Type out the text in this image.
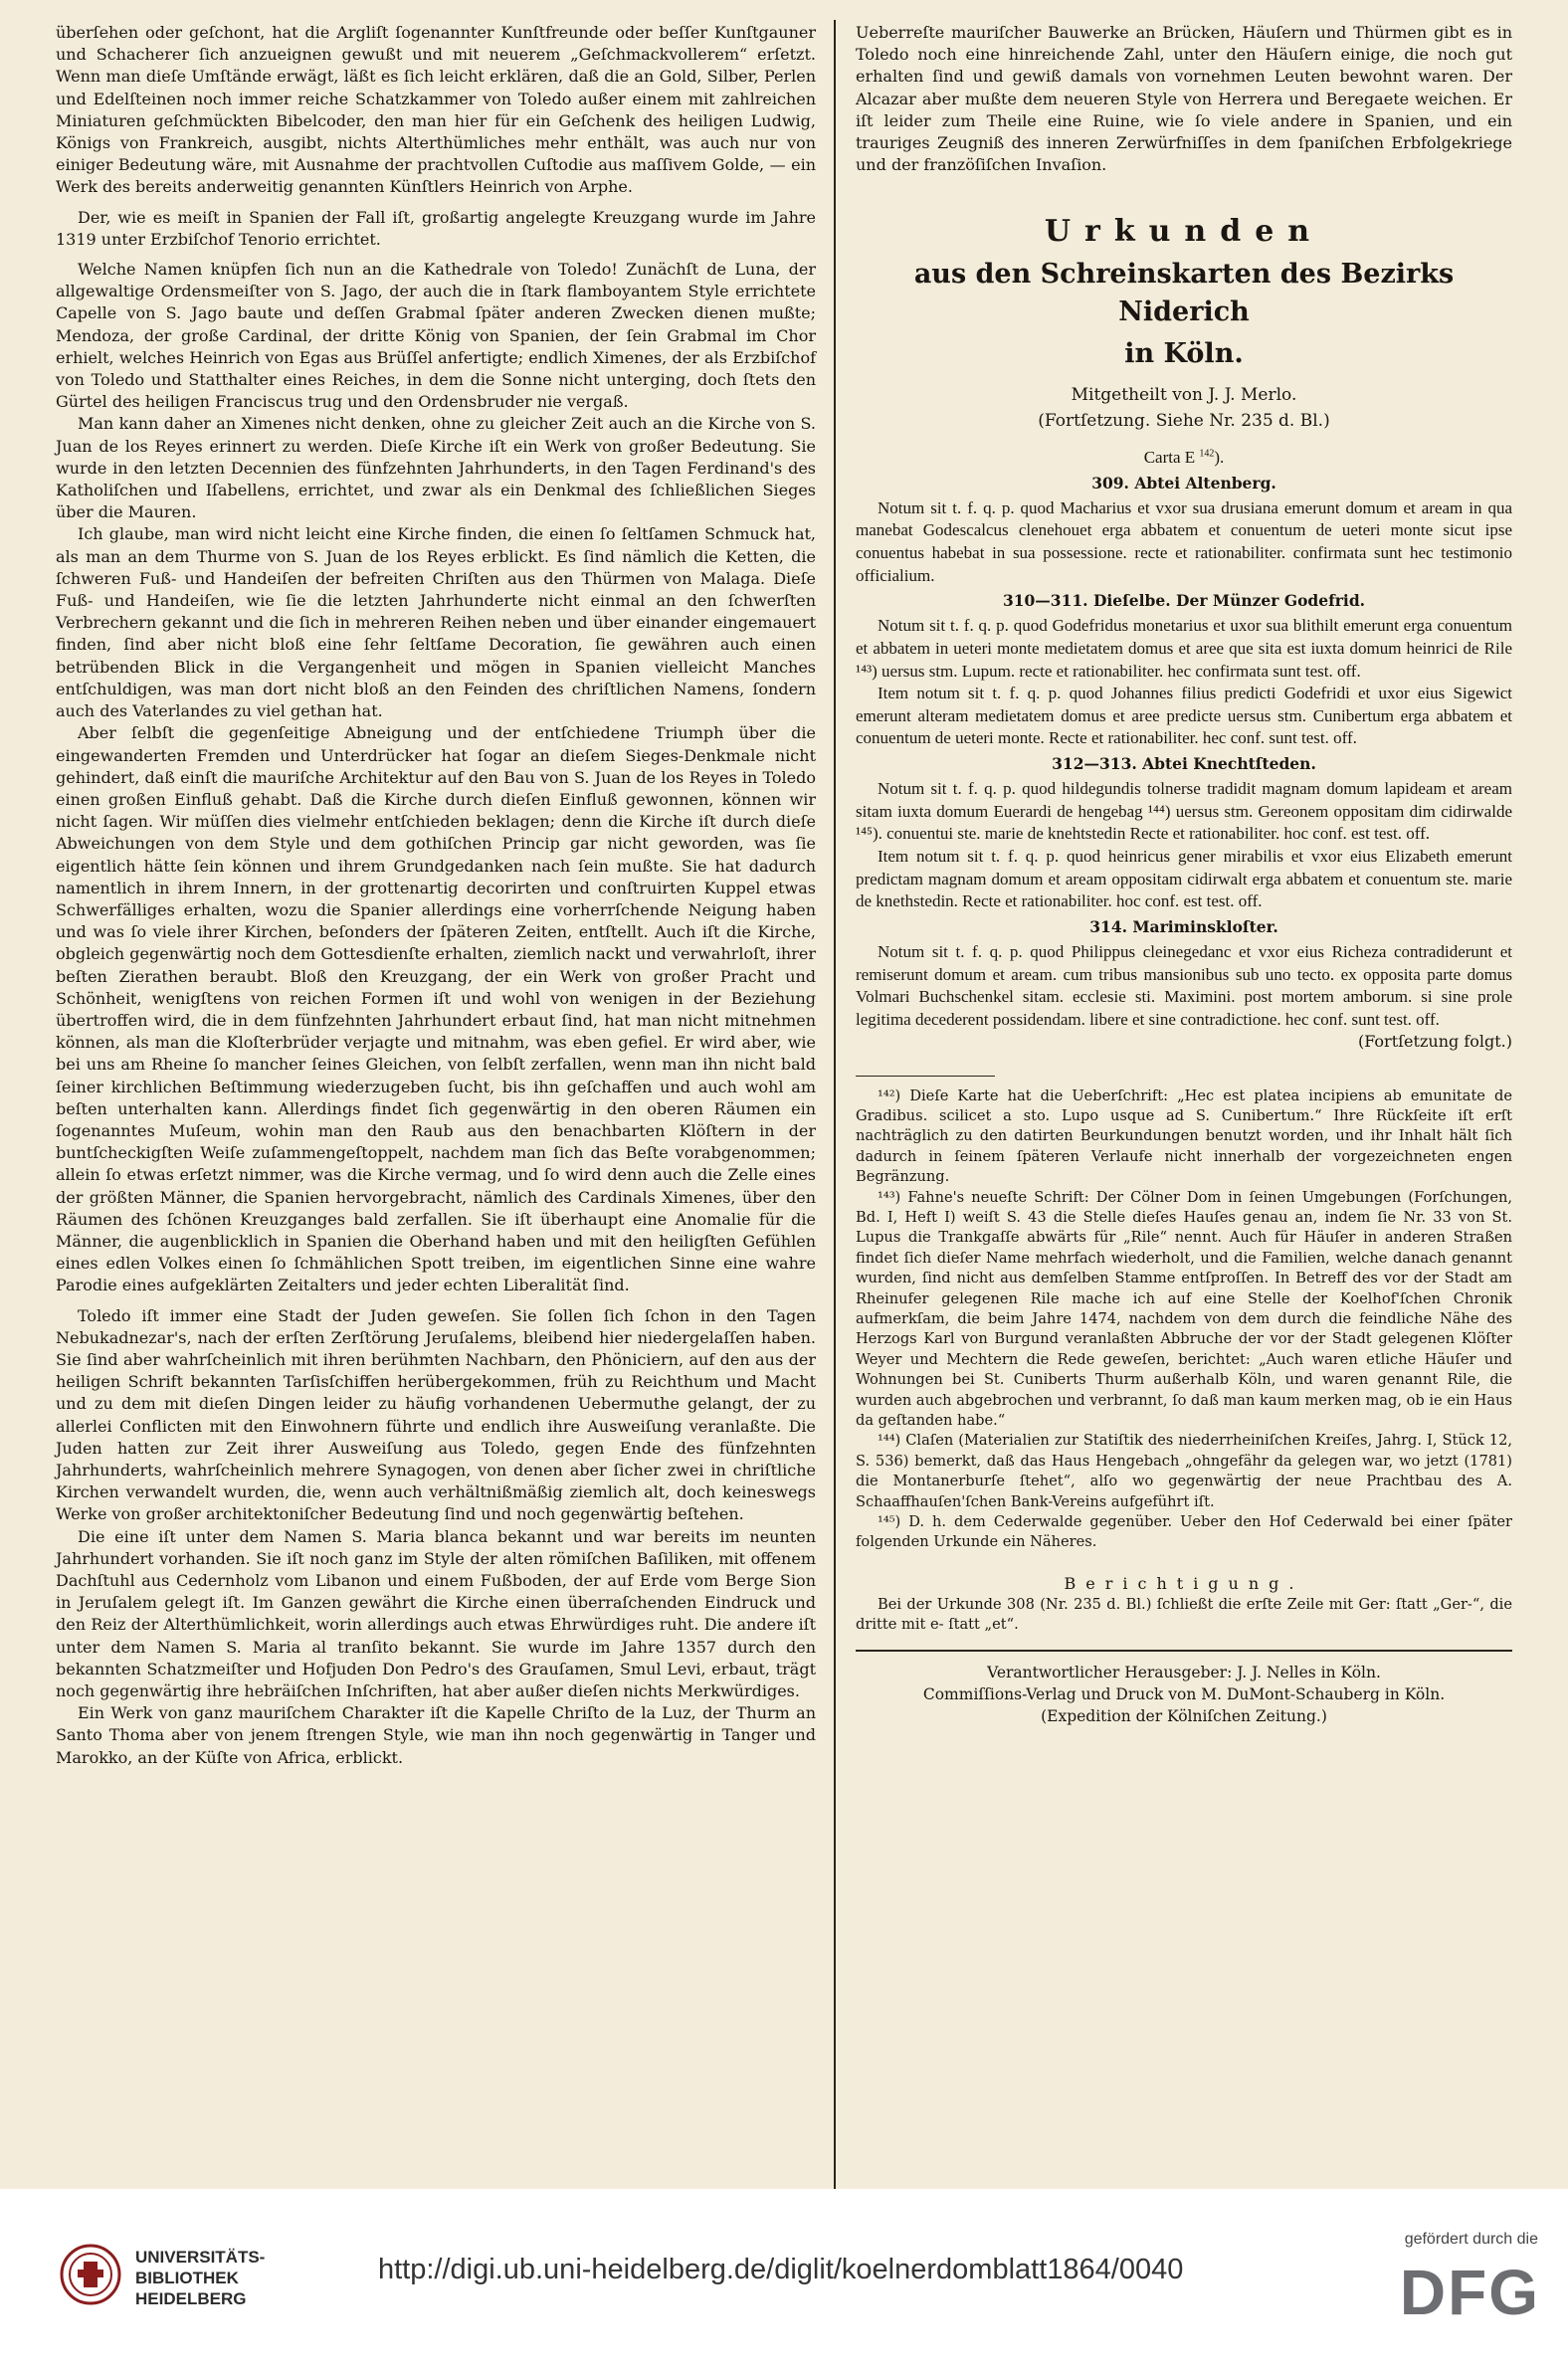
überſehen oder geſchont, hat die Argliſt ſogenannter Kunſtfreunde oder beſſer Kunſtgauner und Schacherer ſich anzueignen gewußt und mit neuerem „Geſchmackvollerem“ erſetzt. Wenn man dieſe Umſtände erwägt, läßt es ſich leicht erklären, daß die an Gold, Silber, Perlen und Edelſteinen noch immer reiche Schatzkammer von Toledo außer einem mit zahlreichen Miniaturen geſchmückten Bibelcoder, den man hier für ein Geſchenk des heiligen Ludwig, Königs von Frankreich, ausgibt, nichts Alterthümliches mehr enthält, was auch nur von einiger Bedeutung wäre, mit Ausnahme der prachtvollen Cuſtodie aus maſſivem Golde, — ein Werk des bereits anderweitig genannten Künſtlers Heinrich von Arphe.

Der, wie es meiſt in Spanien der Fall iſt, großartig angelegte Kreuzgang wurde im Jahre 1319 unter Erzbiſchof Tenorio errichtet.

Welche Namen knüpfen ſich nun an die Kathedrale von Toledo! Zunächſt de Luna, der allgewaltige Ordensmeiſter von S. Jago, der auch die in ſtark flamboyantem Style errichtete Capelle von S. Jago baute und deſſen Grabmal ſpäter anderen Zwecken dienen mußte; Mendoza, der große Cardinal, der dritte König von Spanien, der ſein Grabmal im Chor erhielt, welches Heinrich von Egas aus Brüſſel anfertigte; endlich Ximenes, der als Erzbiſchof von Toledo und Statthalter eines Reiches, in dem die Sonne nicht unterging, doch ſtets den Gürtel des heiligen Franciscus trug und den Ordensbruder nie vergaß.

Man kann daher an Ximenes nicht denken, ohne zu gleicher Zeit auch an die Kirche von S. Juan de los Reyes erinnert zu werden. Dieſe Kirche iſt ein Werk von großer Bedeutung. Sie wurde in den letzten Decennien des fünfzehnten Jahrhunderts, in den Tagen Ferdinand's des Katholiſchen und Iſabellens, errichtet, und zwar als ein Denkmal des ſchließlichen Sieges über die Mauren.

Ich glaube, man wird nicht leicht eine Kirche finden, die einen ſo ſeltſamen Schmuck hat, als man an dem Thurme von S. Juan de los Reyes erblickt. Es ſind nämlich die Ketten, die ſchweren Fuß- und Handeiſen der befreiten Chriſten aus den Thürmen von Malaga. Dieſe Fuß- und Handeiſen, wie ſie die letzten Jahrhunderte nicht einmal an den ſchwerſten Verbrechern gekannt und die ſich in mehreren Reihen neben und über einander eingemauert finden, ſind aber nicht bloß eine ſehr ſeltſame Decoration, ſie gewähren auch einen betrübenden Blick in die Vergangenheit und mögen in Spanien vielleicht Manches entſchuldigen, was man dort nicht bloß an den Feinden des chriſtlichen Namens, ſondern auch des Vaterlandes zu viel gethan hat.

Aber ſelbſt die gegenſeitige Abneigung und der entſchiedene Triumph über die eingewanderten Fremden und Unterdrücker hat ſogar an dieſem Sieges-Denkmale nicht gehindert, daß einſt die mauriſche Architektur auf den Bau von S. Juan de los Reyes in Toledo einen großen Einfluß gehabt. Daß die Kirche durch dieſen Einfluß gewonnen, können wir nicht ſagen. Wir müſſen dies vielmehr entſchieden beklagen; denn die Kirche iſt durch dieſe Abweichungen von dem Style und dem gothiſchen Princip gar nicht geworden, was ſie eigentlich hätte ſein können und ihrem Grundgedanken nach ſein mußte. Sie hat dadurch namentlich in ihrem Innern, in der grottenartig decorirten und conſtruirten Kuppel etwas Schwerfälliges erhalten, wozu die Spanier allerdings eine vorherrſchende Neigung haben und was ſo viele ihrer Kirchen, beſonders der ſpäteren Zeiten, entſtellt. Auch iſt die Kirche, obgleich gegenwärtig noch dem Gottesdienſte erhalten, ziemlich nackt und verwahrloſt, ihrer beſten Zierathen beraubt. Bloß den Kreuzgang, der ein Werk von großer Pracht und Schönheit, wenigſtens von reichen Formen iſt und wohl von wenigen in der Beziehung übertroffen wird, die in dem fünfzehnten Jahrhundert erbaut ſind, hat man nicht mitnehmen können, als man die Kloſterbrüder verjagte und mitnahm, was eben gefiel. Er wird aber, wie bei uns am Rheine ſo mancher ſeines Gleichen, von ſelbſt zerfallen, wenn man ihn nicht bald ſeiner kirchlichen Beſtimmung wiederzugeben ſucht, bis ihn geſchaffen und auch wohl am beſten unterhalten kann. Allerdings findet ſich gegenwärtig in den oberen Räumen ein ſogenanntes Muſeum, wohin man den Raub aus den benachbarten Klöſtern in der buntſcheckigſten Weiſe zuſammengeſtoppelt, nachdem man ſich das Beſte vorabgenommen; allein ſo etwas erſetzt nimmer, was die Kirche vermag, und ſo wird denn auch die Zelle eines der größten Männer, die Spanien hervorgebracht, nämlich des Cardinals Ximenes, über den Räumen des ſchönen Kreuzganges bald zerfallen. Sie iſt überhaupt eine Anomalie für die Männer, die augenblicklich in Spanien die Oberhand haben und mit den heiligſten Gefühlen eines edlen Volkes einen ſo ſchmählichen Spott treiben, im eigentlichen Sinne eine wahre Parodie eines aufgeklärten Zeitalters und jeder echten Liberalität ſind.

Toledo iſt immer eine Stadt der Juden geweſen. Sie ſollen ſich ſchon in den Tagen Nebukadnezar's, nach der erſten Zerſtörung Jeruſalems, bleibend hier niedergelaſſen haben. Sie ſind aber wahrſcheinlich mit ihren berühmten Nachbarn, den Phöniciern, auf den aus der heiligen Schrift bekannten Tarſisſchiffen herübergekommen, früh zu Reichthum und Macht und zu dem mit dieſen Dingen leider zu häufig vorhandenen Uebermuthe gelangt, der zu allerlei Conflicten mit den Einwohnern führte und endlich ihre Ausweiſung veranlaßte. Die Juden hatten zur Zeit ihrer Ausweiſung aus Toledo, gegen Ende des fünfzehnten Jahrhunderts, wahrſcheinlich mehrere Synagogen, von denen aber ſicher zwei in chriſtliche Kirchen verwandelt wurden, die, wenn auch verhältnißmäßig ziemlich alt, doch keineswegs Werke von großer architektoniſcher Bedeutung ſind und noch gegenwärtig beſtehen.

Die eine iſt unter dem Namen S. Maria blanca bekannt und war bereits im neunten Jahrhundert vorhanden. Sie iſt noch ganz im Style der alten römiſchen Baſiliken, mit offenem Dachſtuhl aus Cedernholz vom Libanon und einem Fußboden, der auf Erde vom Berge Sion in Jeruſalem gelegt iſt. Im Ganzen gewährt die Kirche einen überraſchenden Eindruck und den Reiz der Alterthümlichkeit, worin allerdings auch etwas Ehrwürdiges ruht. Die andere iſt unter dem Namen S. Maria al tranſito bekannt. Sie wurde im Jahre 1357 durch den bekannten Schatzmeiſter und Hofjuden Don Pedro's des Grauſamen, Smul Levi, erbaut, trägt noch gegenwärtig ihre hebräiſchen Inſchriften, hat aber außer dieſen nichts Merkwürdiges.

Ein Werk von ganz mauriſchem Charakter iſt die Kapelle Chriſto de la Luz, der Thurm an Santo Thoma aber von jenem ſtrengen Style, wie man ihn noch gegenwärtig in Tanger und Marokko, an der Küſte von Africa, erblickt.

Ueberreſte mauriſcher Bauwerke an Brücken, Häuſern und Thürmen gibt es in Toledo noch eine hinreichende Zahl, unter den Häuſern einige, die noch gut erhalten ſind und gewiß damals von vornehmen Leuten bewohnt waren. Der Alcazar aber mußte dem neueren Style von Herrera und Beregaete weichen. Er iſt leider zum Theile eine Ruine, wie ſo viele andere in Spanien, und ein trauriges Zeugniß des inneren Zerwürfniſſes in dem ſpaniſchen Erbfolgekriege und der franzöſiſchen Invaſion.

Urkunden
aus den Schreinskarten des Bezirks Niderich
in Köln.
Mitgetheilt von J. J. Merlo.
(Fortſetzung. Siehe Nr. 235 d. Bl.)
Carta E $^{142}$).
309. Abtei Altenberg.

Notum sit t. f. q. p. quod Macharius et vxor sua drusiana emerunt domum et aream in qua manebat Godescalcus clenehouet erga abbatem et conuentum de ueteri monte sicut ipse conuentus habebat in sua possessione. recte et rationabiliter. confirmata sunt hec testimonio officialium.

310—311. Dieſelbe. Der Münzer Godefrid.

Notum sit t. f. q. p. quod Godefridus monetarius et uxor sua blithilt emerunt erga conuentum et abbatem in ueteri monte medietatem domus et aree que sita est iuxta domum heinrici de Rile ¹⁴³) uersus stm. Lupum. recte et rationabiliter. hec confirmata sunt test. off.

Item notum sit t. f. q. p. quod Johannes filius predicti Godefridi et uxor eius Sigewict emerunt alteram medietatem domus et aree predicte uersus stm. Cunibertum erga abbatem et conuentum de ueteri monte. Recte et rationabiliter. hec conf. sunt test. off.

312—313. Abtei Knechtſteden.

Notum sit t. f. q. p. quod hildegundis tolnerse tradidit magnam domum lapideam et aream sitam iuxta domum Euerardi de hengebag ¹⁴⁴) uersus stm. Gereonem oppositam dim cidirwalde ¹⁴⁵). conuentui ste. marie de knehtstedin Recte et rationabiliter. hoc conf. est test. off.

Item notum sit t. f. q. p. quod heinricus gener mirabilis et vxor eius Elizabeth emerunt predictam magnam domum et aream oppositam cidirwalt erga abbatem et conuentum ste. marie de knethstedin. Recte et rationabiliter. hoc conf. est test. off.

314. Mariminskloſter.

Notum sit t. f. q. p. quod Philippus cleinegedanc et vxor eius Richeza contradiderunt et remiserunt domum et aream. cum tribus mansionibus sub uno tecto. ex opposita parte domus Volmari Buchschenkel sitam. ecclesie sti. Maximini. post mortem amborum. si sine prole legitima decederent possidendam. libere et sine contradictione. hec conf. sunt test. off.

(Fortſetzung folgt.)

¹⁴²) Dieſe Karte hat die Ueberſchrift: „Hec est platea incipiens ab emunitate de Gradibus. scilicet a sto. Lupo usque ad S. Cunibertum.“ Ihre Rückſeite iſt erſt nachträglich zu den datirten Beurkundungen benutzt worden, und ihr Inhalt hält ſich dadurch in ſeinem ſpäteren Verlaufe nicht innerhalb der vorgezeichneten engen Begränzung.

¹⁴³) Fahne's neueſte Schrift: Der Cölner Dom in ſeinen Umgebungen (Forſchungen, Bd. I, Heft I) weiſt S. 43 die Stelle dieſes Hauſes genau an, indem ſie Nr. 33 von St. Lupus die Trankgaſſe abwärts für „Rile“ nennt. Auch für Häuſer in anderen Straßen findet ſich dieſer Name mehrfach wiederholt, und die Familien, welche danach genannt wurden, ſind nicht aus demſelben Stamme entſproſſen. In Betreff des vor der Stadt am Rheinufer gelegenen Rile mache ich auf eine Stelle der Koelhof'ſchen Chronik aufmerkſam, die beim Jahre 1474, nachdem von dem durch die feindliche Nähe des Herzogs Karl von Burgund veranlaßten Abbruche der vor der Stadt gelegenen Klöſter Weyer und Mechtern die Rede geweſen, berichtet: „Auch waren etliche Häuſer und Wohnungen bei St. Cuniberts Thurm außerhalb Köln, und waren genannt Rile, die wurden auch abgebrochen und verbrannt, ſo daß man kaum merken mag, ob ie ein Haus da geſtanden habe.“

¹⁴⁴) Claſen (Materialien zur Statiſtik des niederrheiniſchen Kreiſes, Jahrg. I, Stück 12, S. 536) bemerkt, daß das Haus Hengebach „ohngefähr da gelegen war, wo jetzt (1781) die Montanerburſe ſtehet“, alſo wo gegenwärtig der neue Prachtbau des A. Schaaffhauſen'ſchen Bank-Vereins aufgeführt iſt.

¹⁴⁵) D. h. dem Cederwalde gegenüber. Ueber den Hof Cederwald bei einer ſpäter folgenden Urkunde ein Näheres.

Berichtigung.

Bei der Urkunde 308 (Nr. 235 d. Bl.) ſchließt die erſte Zeile mit Ger: ſtatt „Ger-“, die dritte mit e- ſtatt „et“.

Verantwortlicher Herausgeber: J. J. Nelles in Köln.
Commiſſions-Verlag und Druck von M. DuMont-Schauberg in Köln.
(Expedition der Kölniſchen Zeitung.)
UNIVERSITÄTS-
BIBLIOTHEK
HEIDELBERG
http://digi.ub.uni-heidelberg.de/diglit/koelnerdomblatt1864/0040
gefördert durch die
DFG
